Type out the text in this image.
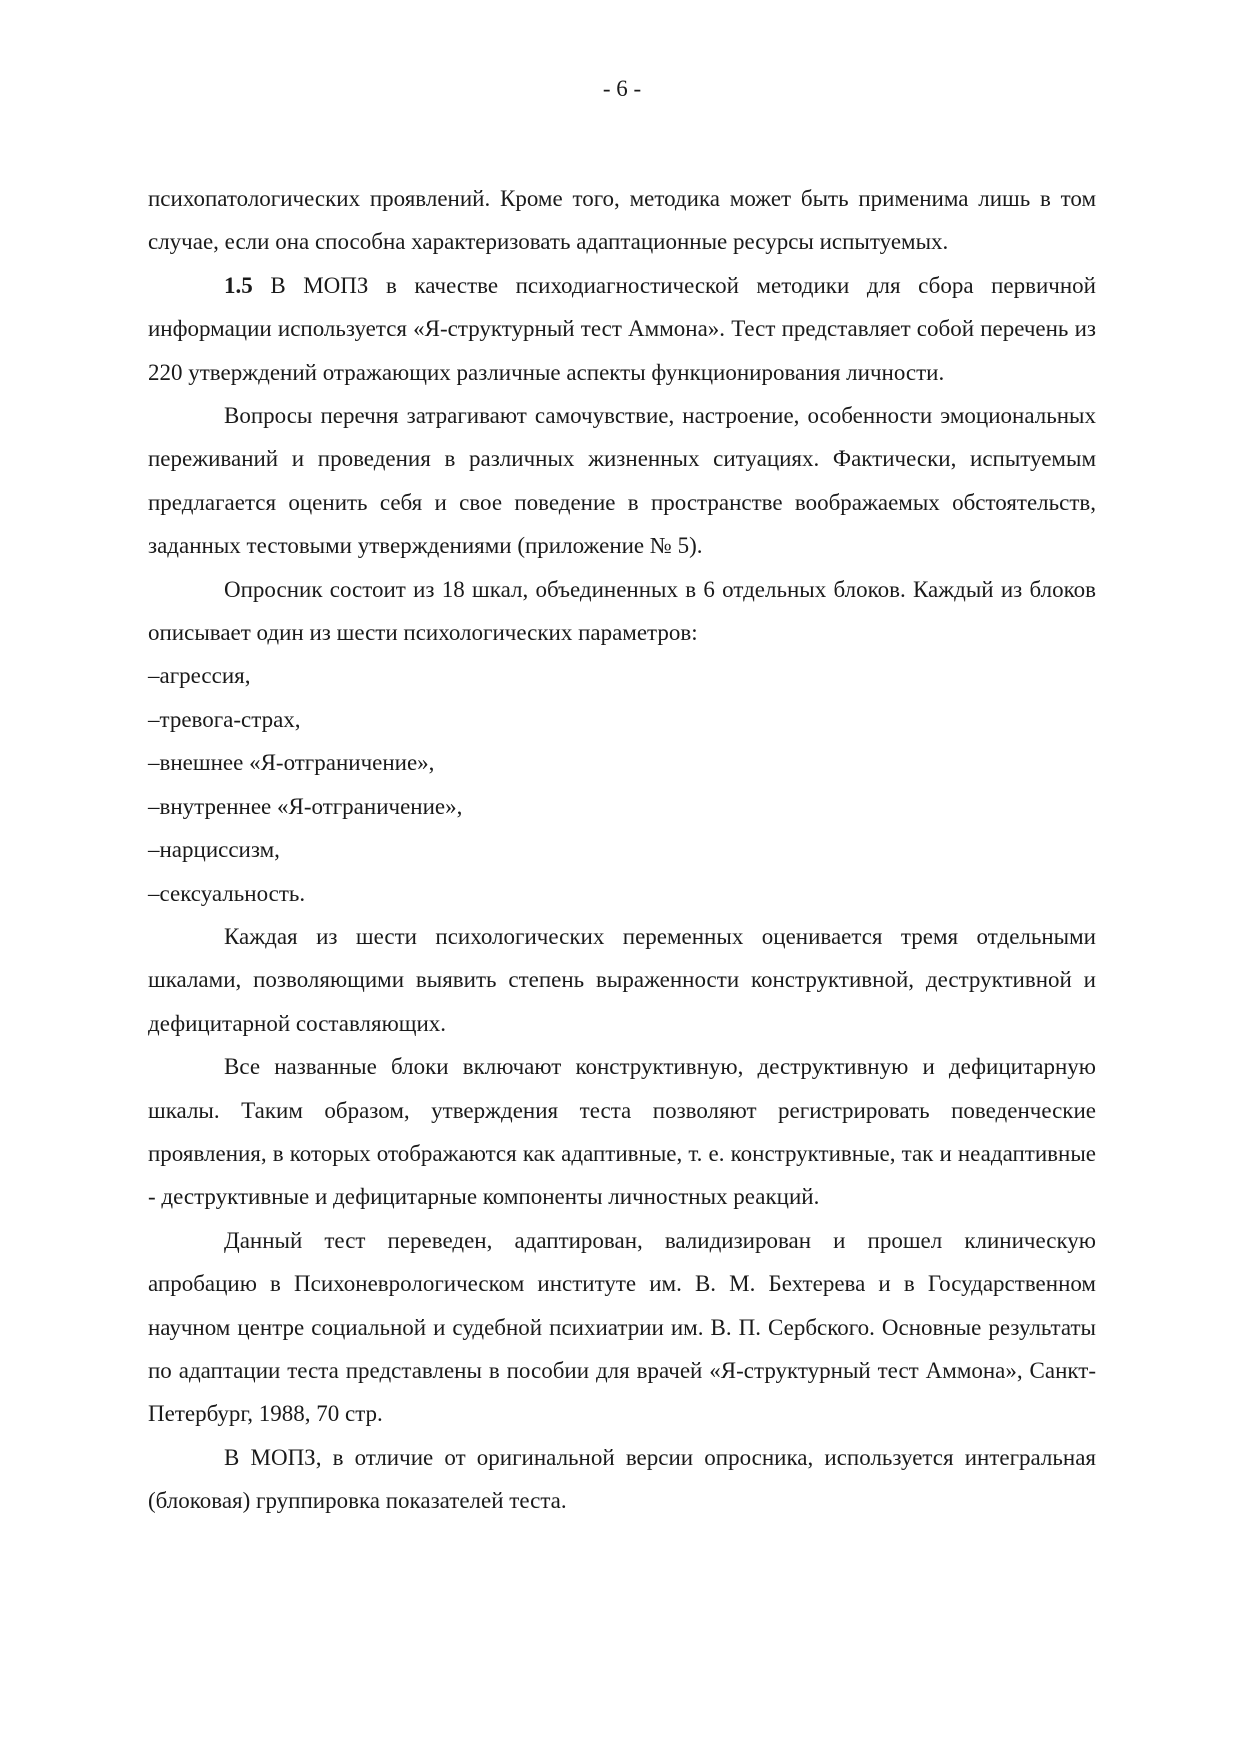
- 6 -

психопатологических проявлений. Кроме того, методика может быть применима лишь в том случае, если она способна характеризовать адаптационные ресурсы испытуемых.

1.5 В МОПЗ в качестве психодиагностической методики для сбора первичной информации используется «Я-структурный тест Аммона». Тест представляет собой перечень из 220 утверждений отражающих различные аспекты функционирования личности.

Вопросы перечня затрагивают самочувствие, настроение, особенности эмоциональных переживаний и проведения в различных жизненных ситуациях. Фактически, испытуемым предлагается оценить себя и свое поведение в пространстве воображаемых обстоятельств, заданных тестовыми утверждениями (приложение № 5).

Опросник состоит из 18 шкал, объединенных в 6 отдельных блоков. Каждый из блоков описывает один из шести психологических параметров:

–агрессия,
–тревога-страх,
–внешнее «Я-отграничение»,
–внутреннее «Я-отграничение»,
–нарциссизм,
–сексуальность.

Каждая из шести психологических переменных оценивается тремя отдельными шкалами, позволяющими выявить степень выраженности конструктивной, деструктивной и дефицитарной составляющих.

Все названные блоки включают конструктивную, деструктивную и дефицитарную шкалы. Таким образом, утверждения теста позволяют регистрировать поведенческие проявления, в которых отображаются как адаптивные, т. е. конструктивные, так и неадаптивные - деструктивные и дефицитарные компоненты личностных реакций.

Данный тест переведен, адаптирован, валидизирован и прошел клиническую апробацию в Психоневрологическом институте им. В. М. Бехтерева и в Государственном научном центре социальной и судебной психиатрии им. В. П. Сербского. Основные результаты по адаптации теста представлены в пособии для врачей «Я-структурный тест Аммона», Санкт-Петербург, 1988, 70 стр.

В МОПЗ, в отличие от оригинальной версии опросника, используется интегральная (блоковая) группировка показателей теста.
